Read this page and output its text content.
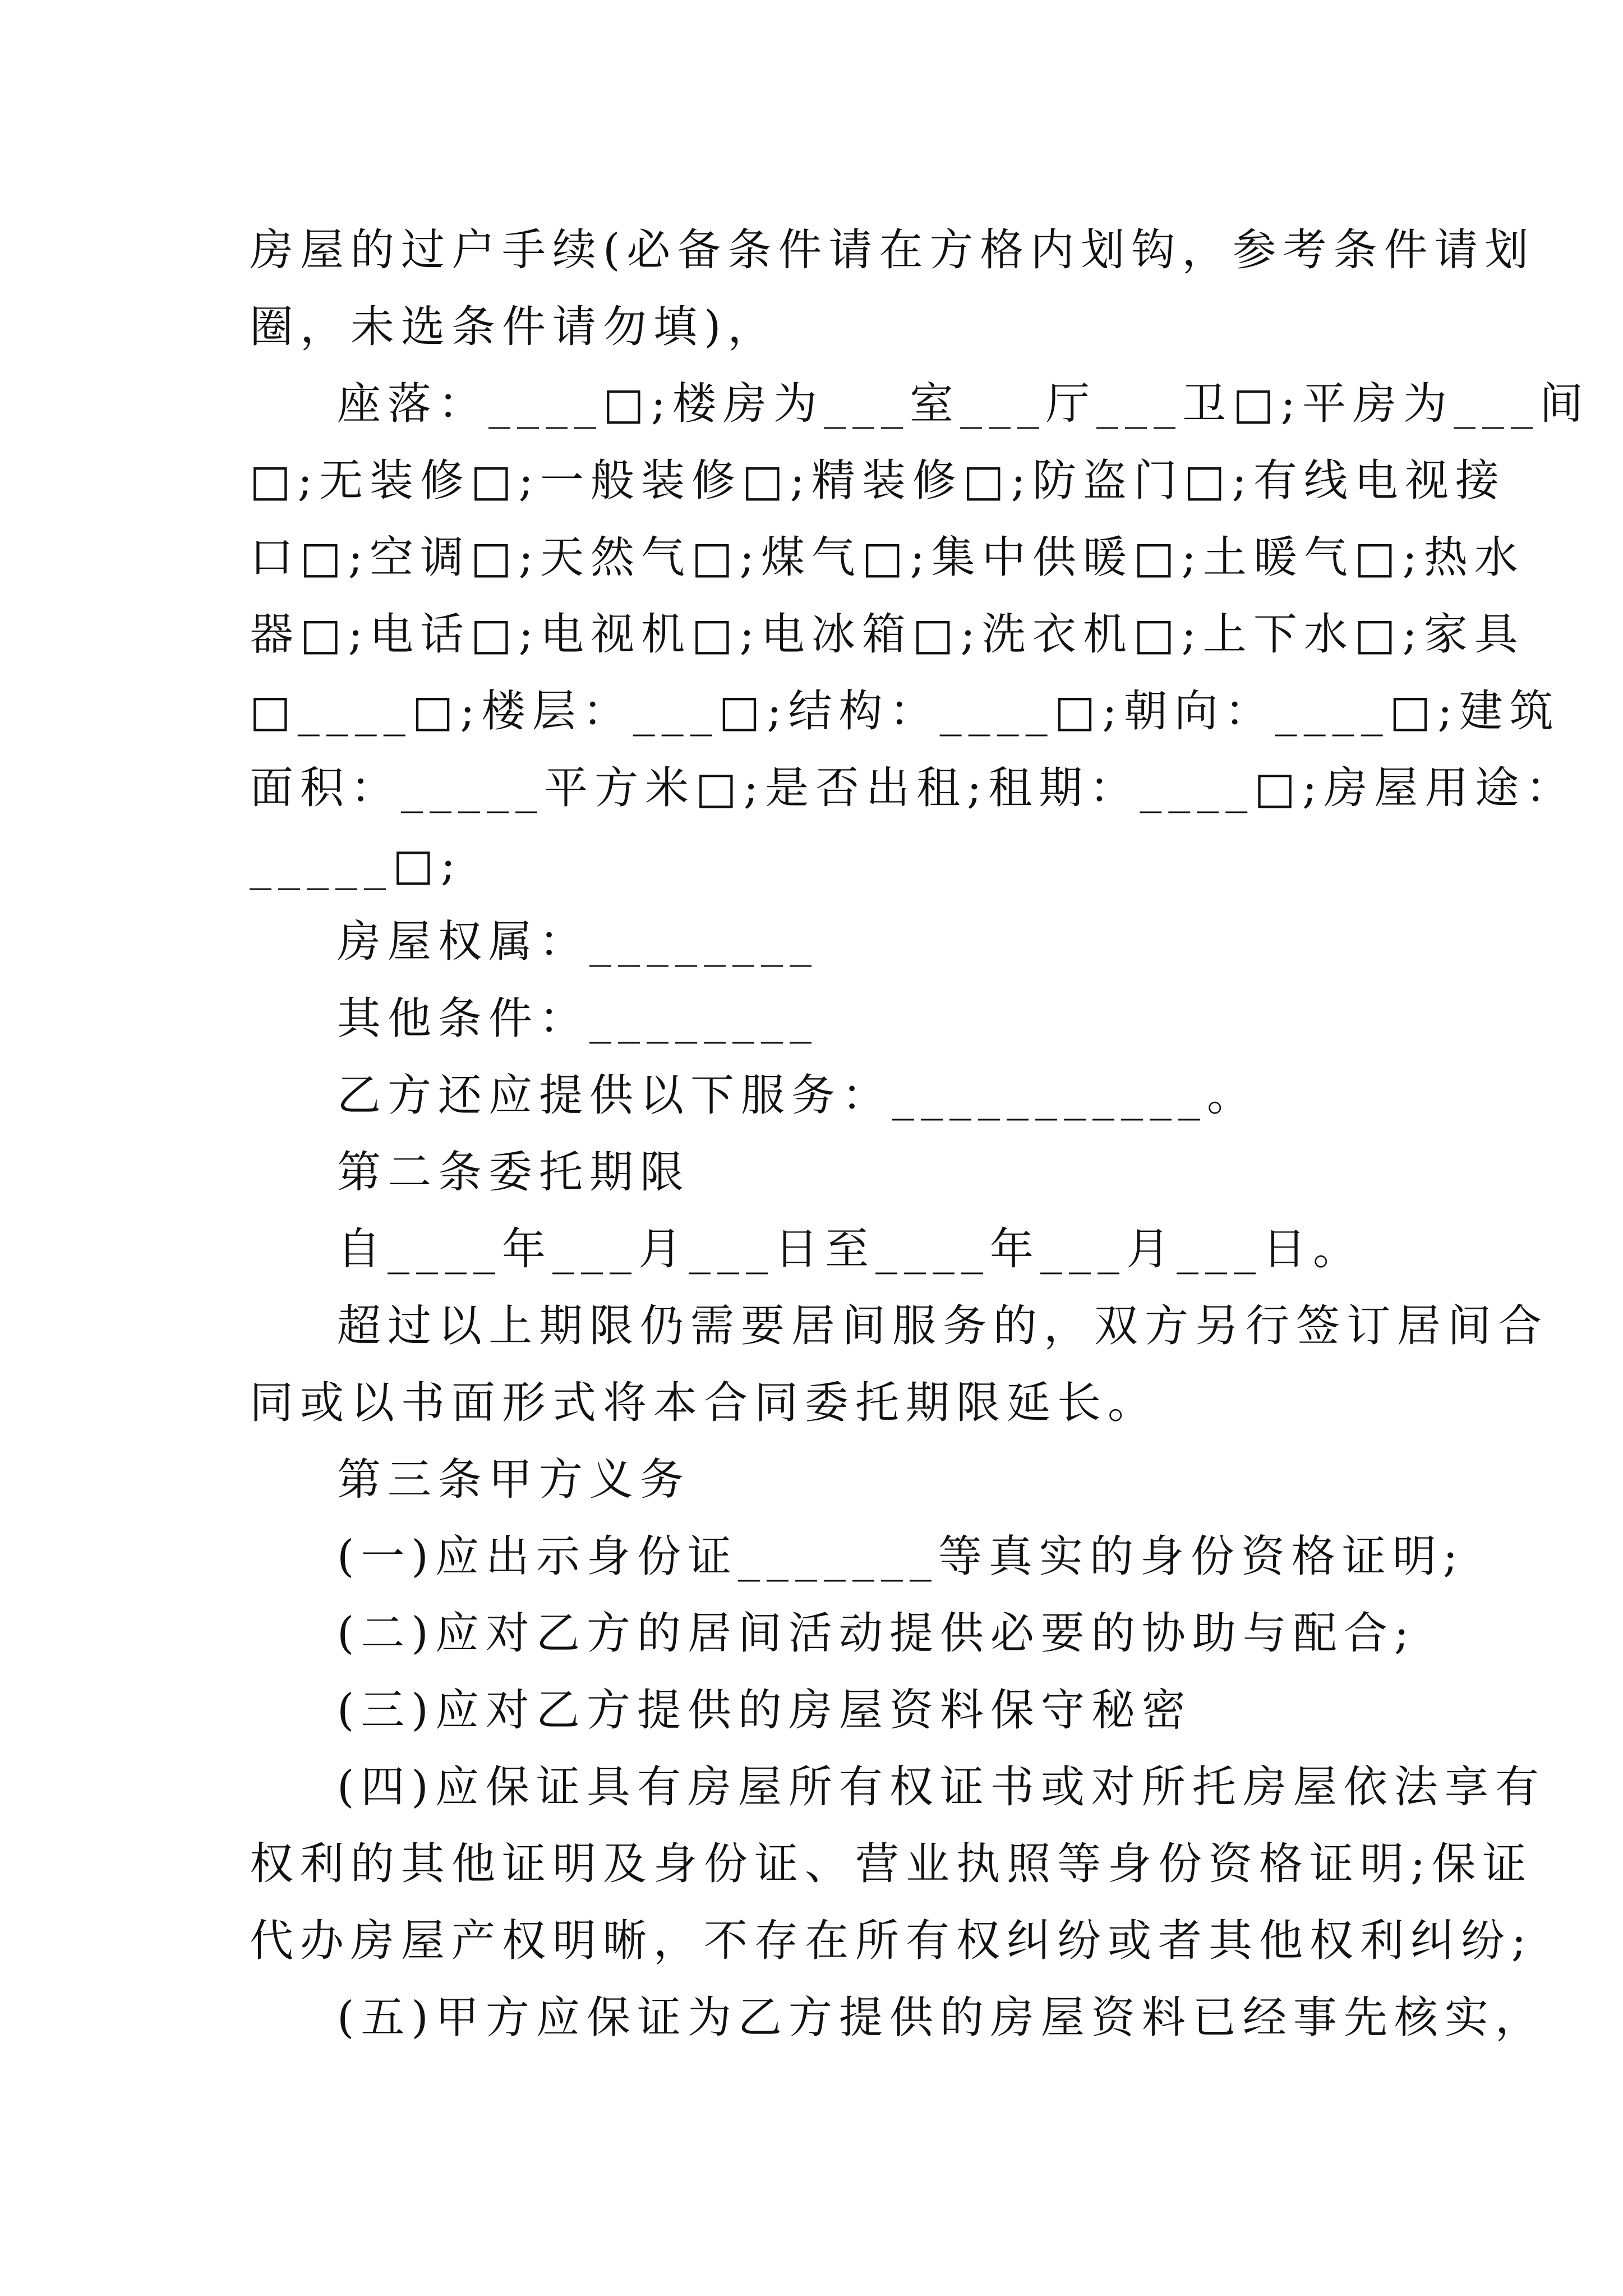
房屋的过户手续(必备条件请在方格内划钩，参考条件请划
圈，未选条件请勿填)，
座落：____□;楼房为___室___厅___卫□;平房为___间
□;无装修□;一般装修□;精装修□;防盗门□;有线电视接
口□;空调□;天然气□;煤气□;集中供暖□;土暖气□;热水
器□;电话□;电视机□;电冰箱□;洗衣机□;上下水□;家具
□____□;楼层：___□;结构：____□;朝向：____□;建筑
面积：_____平方米□;是否出租;租期：____□;房屋用途：
_____□;
房屋权属：________
其他条件：________
乙方还应提供以下服务：___________。
第二条委托期限
自____年___月___日至____年___月___日。
超过以上期限仍需要居间服务的，双方另行签订居间合
同或以书面形式将本合同委托期限延长。
第三条甲方义务
(一)应出示身份证_______等真实的身份资格证明;
(二)应对乙方的居间活动提供必要的协助与配合;
(三)应对乙方提供的房屋资料保守秘密
(四)应保证具有房屋所有权证书或对所托房屋依法享有
权利的其他证明及身份证、营业执照等身份资格证明;保证
代办房屋产权明晰，不存在所有权纠纷或者其他权利纠纷;
(五)甲方应保证为乙方提供的房屋资料已经事先核实，
